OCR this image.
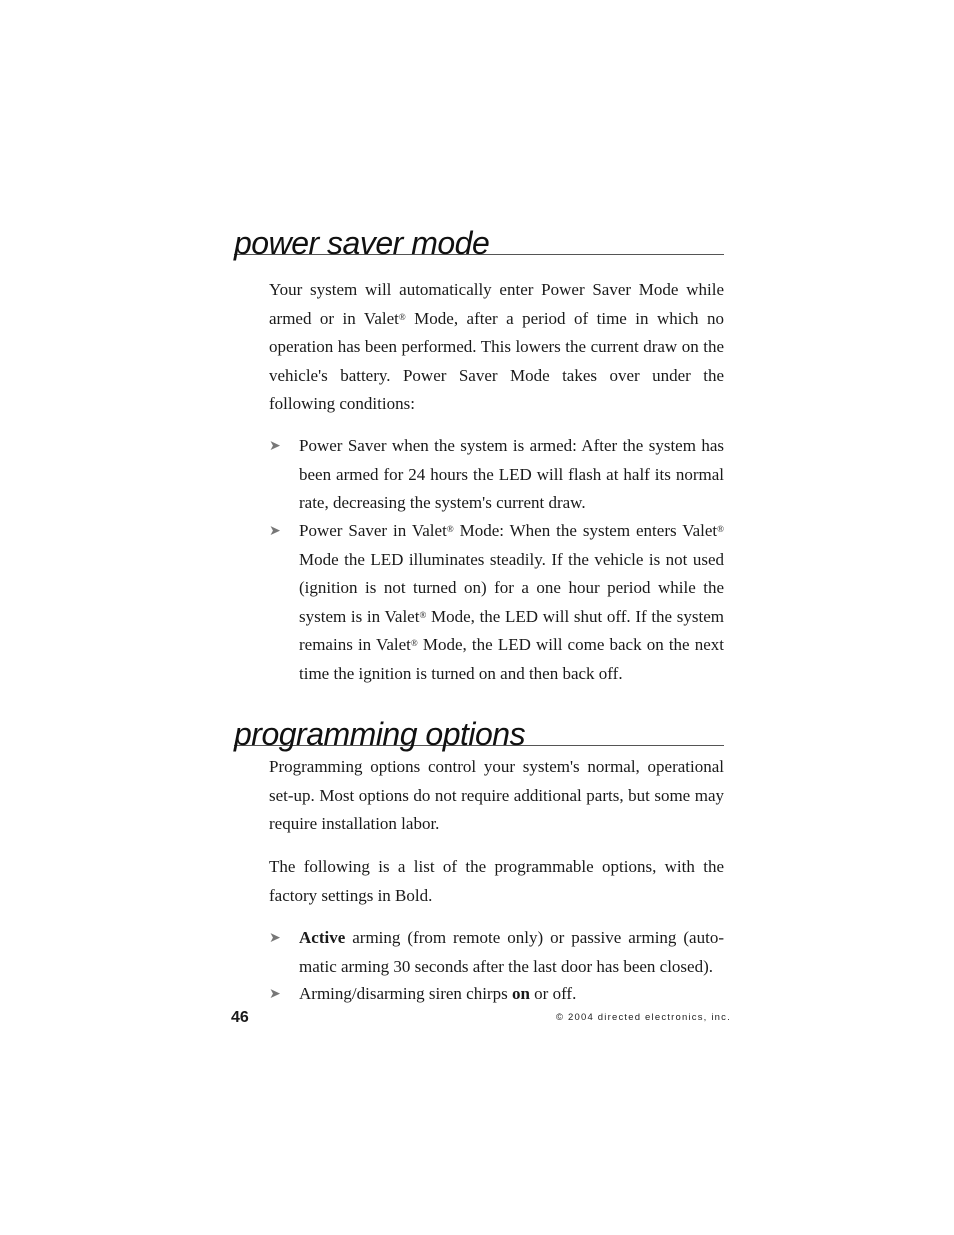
power saver mode

Your system will automatically enter Power Saver Mode while armed or in Valet® Mode, after a period of time in which no operation has been performed. This lowers the current draw on the vehicle's battery. Power Saver Mode takes over under the following conditions:

➤ Power Saver when the system is armed: After the system has been armed for 24 hours the LED will flash at half its normal rate, decreasing the system's current draw.
➤ Power Saver in Valet® Mode: When the system enters Valet® Mode the LED illuminates steadily. If the vehicle is not used (ignition is not turned on) for a one hour period while the system is in Valet® Mode, the LED will shut off. If the system remains in Valet® Mode, the LED will come back on the next time the ignition is turned on and then back off.
programming options

Programming options control your system's normal, operational set-up. Most options do not require additional parts, but some may require installation labor.

The following is a list of the programmable options, with the factory settings in Bold.

➤ Active arming (from remote only) or passive arming (auto-matic arming 30 seconds after the last door has been closed).
➤ Arming/disarming siren chirps on or off.
46	© 2004 directed electronics, inc.
